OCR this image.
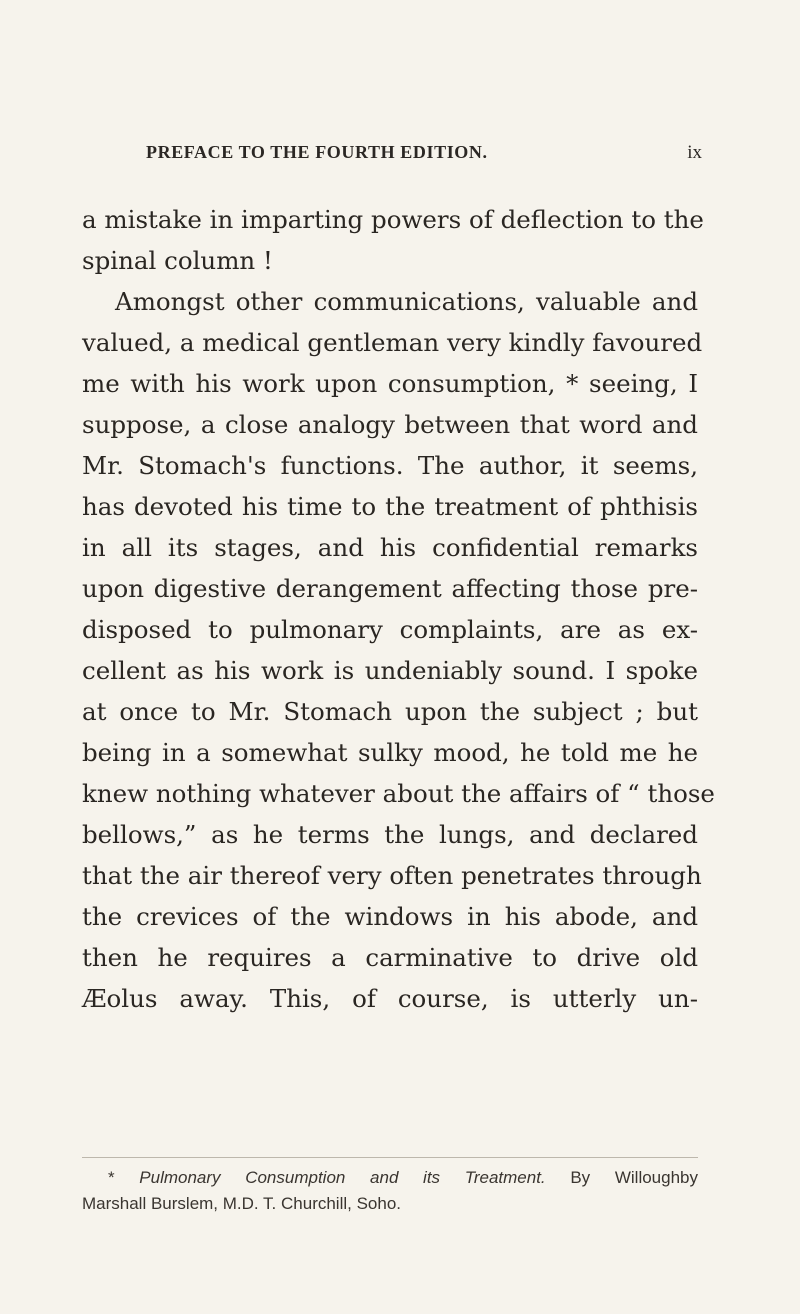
PREFACE TO THE FOURTH EDITION.	ix
a mistake in imparting powers of deflection to the
spinal column !
Amongst other communications, valuable and
valued, a medical gentleman very kindly favoured
me with his work upon consumption, * seeing, I
suppose, a close analogy between that word and
Mr. Stomach's functions. The author, it seems,
has devoted his time to the treatment of phthisis
in all its stages, and his confidential remarks
upon digestive derangement affecting those pre-
disposed to pulmonary complaints, are as ex-
cellent as his work is undeniably sound. I spoke
at once to Mr. Stomach upon the subject ; but
being in a somewhat sulky mood, he told me he
knew nothing whatever about the affairs of “ those
bellows,” as he terms the lungs, and declared
that the air thereof very often penetrates through
the crevices of the windows in his abode, and
then he requires a carminative to drive old
Æolus away. This, of course, is utterly un-
* Pulmonary Consumption and its Treatment. By Willoughby
Marshall Burslem, M.D. T. Churchill, Soho.
